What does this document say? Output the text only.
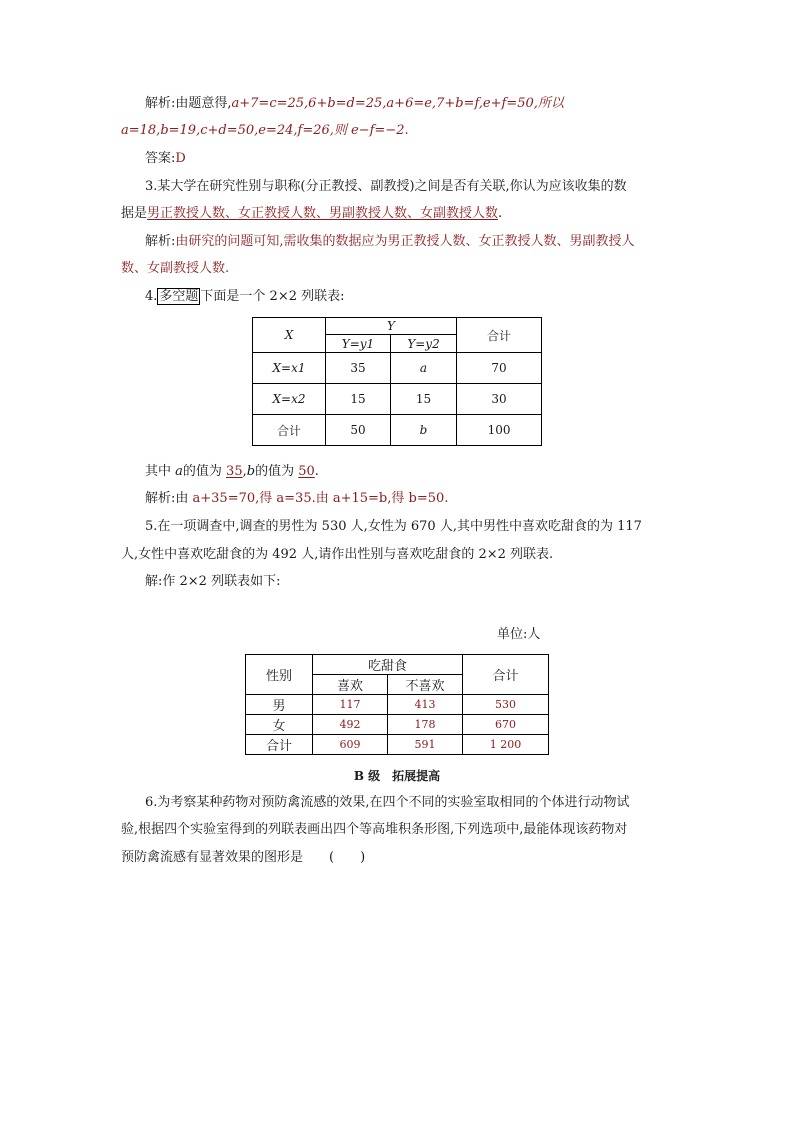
解析:由题意得,a+7=c=25,6+b=d=25,a+6=e,7+b=f,e+f=50,所以
a=18,b=19,c+d=50,e=24,f=26,则 e−f=−2.
答案:D
3.某大学在研究性别与职称(分正教授、副教授)之间是否有关联,你认为应该收集的数
据是男正教授人数、女正教授人数、男副教授人数、女副教授人数.
解析:由研究的问题可知,需收集的数据应为男正教授人数、女正教授人数、男副教授人
数、女副教授人数.
4. 多空题 下面是一个 2×2 列联表:
X	Y		合计
	Y=y1	Y=y2	
X=x1	35	a	70
X=x2	15	15	30
合计	50	b	100
其中 a的值为 35,b的值为 50.
解析:由 a+35=70,得 a=35.由 a+15=b,得 b=50.
5.在一项调查中,调查的男性为 530 人,女性为 670 人,其中男性中喜欢吃甜食的为 117
人,女性中喜欢吃甜食的为 492 人,请作出性别与喜欢吃甜食的 2×2 列联表.
解:作 2×2 列联表如下:
单位:人
性别	吃甜食		合计
	喜欢	不喜欢	
男	117	413	530
女	492	178	670
合计	609	591	1 200
B 级　拓展提高
6.为考察某种药物对预防禽流感的效果,在四个不同的实验室取相同的个体进行动物试
验,根据四个实验室得到的列联表画出四个等高堆积条形图,下列选项中,最能体现该药物对
预防禽流感有显著效果的图形是　　(　　)
